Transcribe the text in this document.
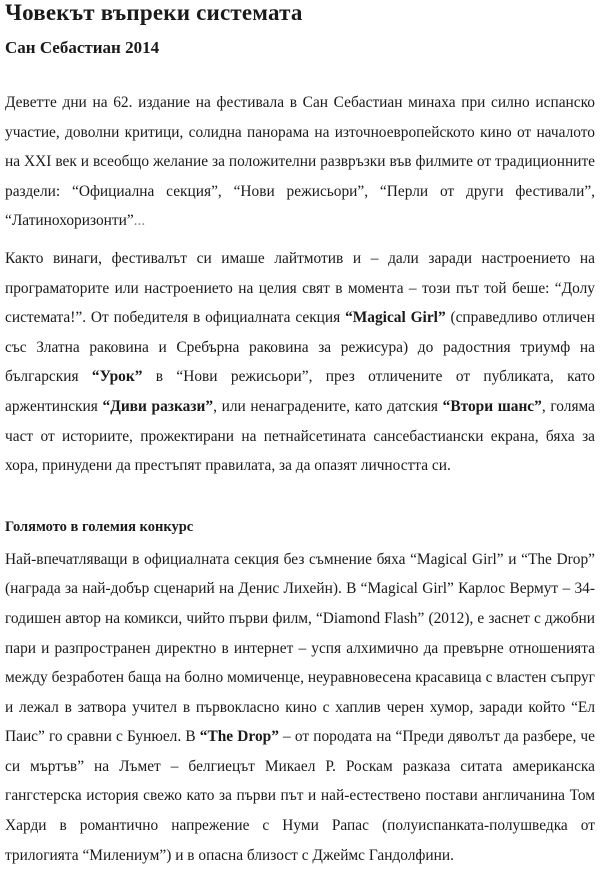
Човекът въпреки системата
Сан Себастиан 2014

Деветте дни на 62. издание на фестивала в Сан Себастиан минаха при силно испанско участие, доволни критици, солидна панорама на източноевропейското кино от началото на XXI век и всеобщо желание за положителни развръзки във филмите от традиционните раздели: “Официална секция”, “Нови режисьори”, “Перли от други фестивали”, “Латинохоризонти”...

Както винаги, фестивалът си имаше лайтмотив и – дали заради настроението на програматорите или настроението на целия свят в момента – този път той беше: “Долу системата!”. От победителя в официалната секция “Magical Girl” (справедливо отличен със Златна раковина и Сребърна раковина за режисура) до радостния триумф на българския “Урок” в “Нови режисьори”, през отличените от публиката, като аржентинския “Диви разкази”, или ненаградените, като датския “Втори шанс”, голяма част от историите, прожектирани на петнайсетината сансебастиански екрана, бяха за хора, принудени да престъпят правилата, за да опазят личността си.

Голямото в големия конкурс

Най-впечатляващи в официалната секция без съмнение бяха “Magical Girl” и “The Drop” (награда за най-добър сценарий на Денис Лихейн). В “Magical Girl” Карлос Вермут – 34-годишен автор на комикси, чийто първи филм, “Diamond Flash” (2012), е заснет с джобни пари и разпространен директно в интернет – успя алхимично да превърне отношенията между безработен баща на болно момиченце, неуравновесена красавица с властен съпруг и лежал в затвора учител в първокласно кино с хаплив черен хумор, заради който “Ел Паис” го сравни с Бунюел. В “The Drop” – от породата на “Преди дяволът да разбере, че си мъртъв” на Лъмет – белгиецът Микаел Р. Роскам разказа ситата американска гангстерска история свежо като за първи път и най-естествено постави англичанина Том Харди в романтично напрежение с Нуми Рапас (полуиспанката-полушведка от трилогията “Милениум”) и в опасна близост с Джеймс Гандолфини.
